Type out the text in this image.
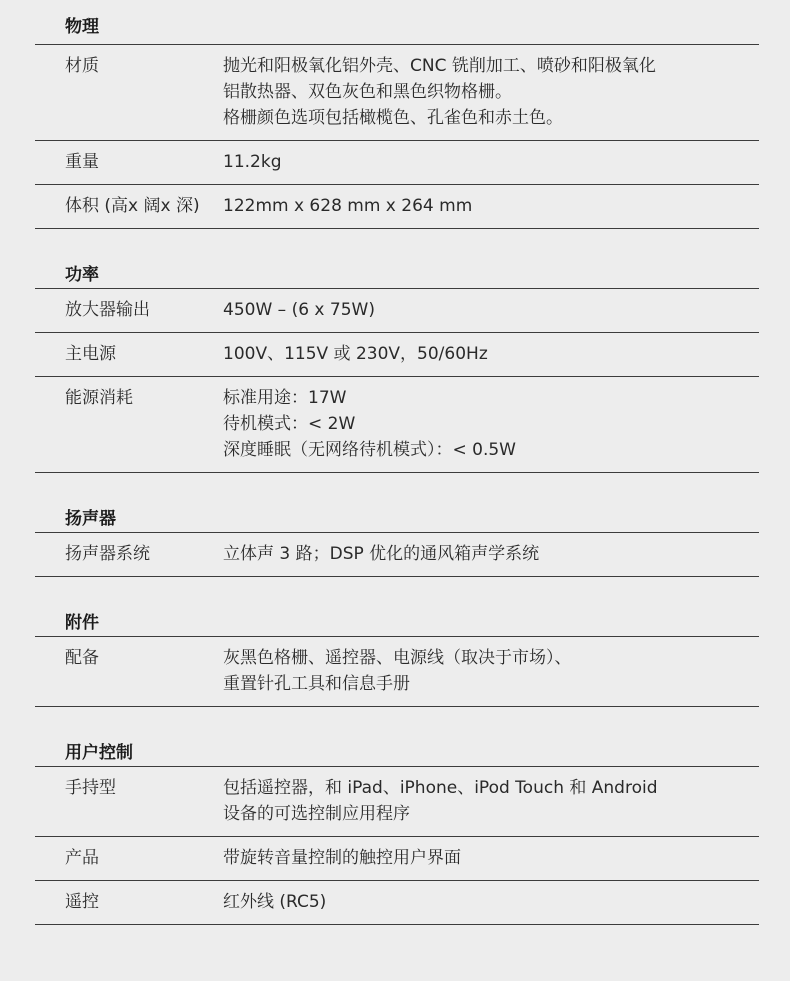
物理
材质	抛光和阳极氧化铝外壳、CNC 铣削加工、喷砂和阳极氧化
铝散热器、双色灰色和黑色织物格栅。
格栅颜色选项包括橄榄色、孔雀色和赤土色。
重量	11.2kg
体积 (高x 阔x 深)	122mm x 628 mm x 264 mm
功率
放大器输出	450W – (6 x 75W)
主电源	100V、115V 或 230V，50/60Hz
能源消耗	标准用途：17W
待机模式：< 2W
深度睡眠（无网络待机模式）：< 0.5W
扬声器
扬声器系统	立体声 3 路；DSP 优化的通风箱声学系统
附件
配备	灰黑色格栅、遥控器、电源线（取决于市场）、
重置针孔工具和信息手册
用户控制
手持型	包括遥控器，和 iPad、iPhone、iPod Touch 和 Android
设备的可选控制应用程序
产品	带旋转音量控制的触控用户界面
遥控	红外线 (RC5)
